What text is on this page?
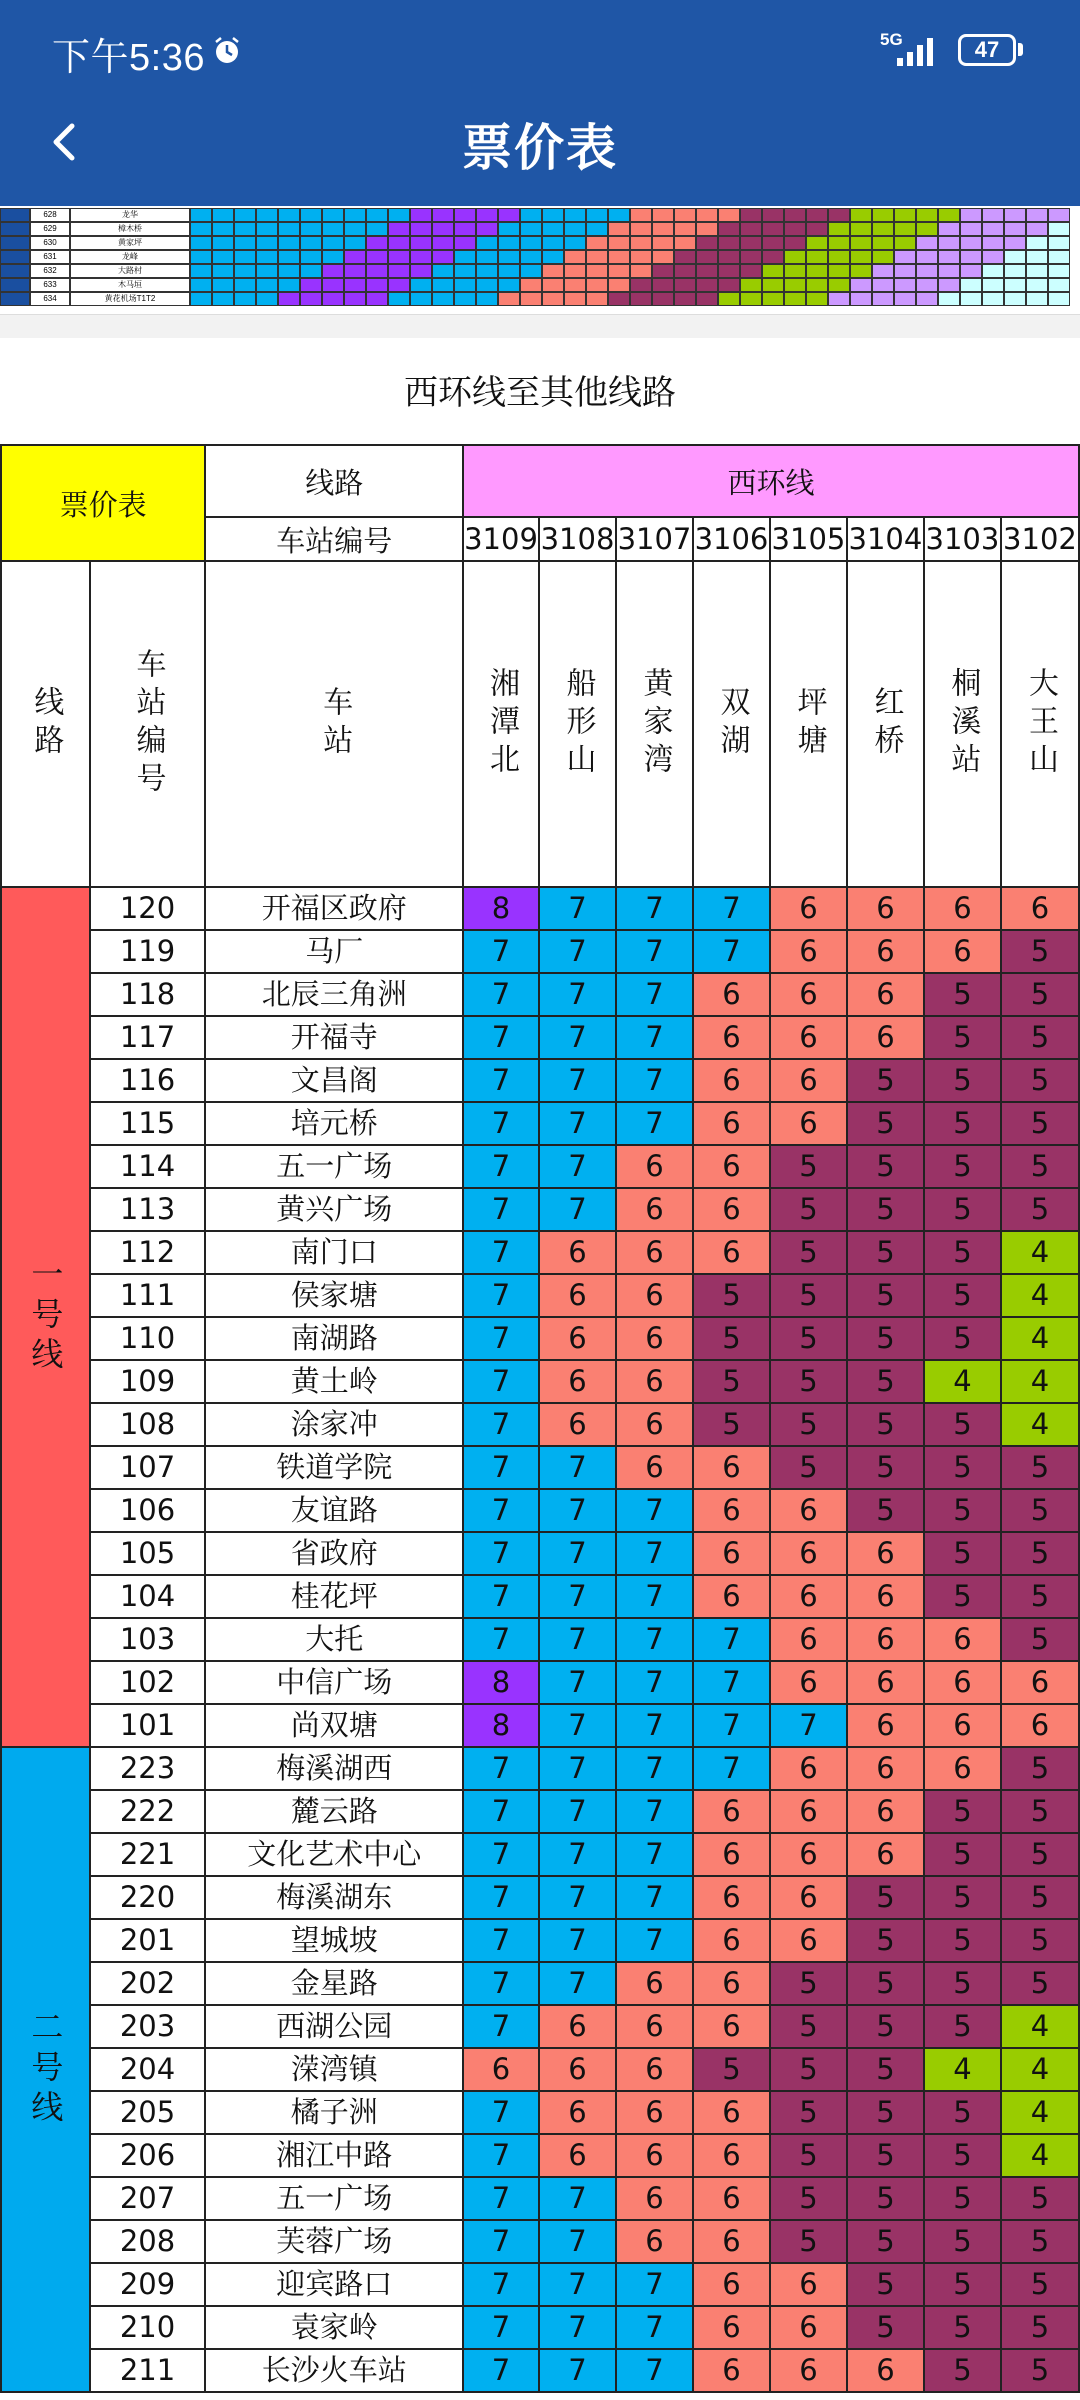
下午5:36	5G	47
票价表
628	龙华
629	樟木桥
630	黄家坪
631	龙峰
632	大路村
633	木马垣
634	黄花机场T1T2
西环线至其他线路
票价表		线路	西环线							
		车站编号	3109	3108	3107	3106	3105	3104	3103	3102

线路	车站编号	车站	湘潭北	船形山	黄家湾	双湖	坪塘	红桥	桐溪站	大王山

一号线	120	开福区政府	8	7	7	7	6	6	6	6
	119	马厂	7	7	7	7	6	6	6	5
	118	北辰三角洲	7	7	7	6	6	6	5	5
	117	开福寺	7	7	7	6	6	6	5	5
	116	文昌阁	7	7	7	6	6	5	5	5
	115	培元桥	7	7	7	6	6	5	5	5
	114	五一广场	7	7	6	6	5	5	5	5
	113	黄兴广场	7	7	6	6	5	5	5	5
	112	南门口	7	6	6	6	5	5	5	4
	111	侯家塘	7	6	6	5	5	5	5	4
	110	南湖路	7	6	6	5	5	5	5	4
	109	黄土岭	7	6	6	5	5	5	4	4
	108	涂家冲	7	6	6	5	5	5	5	4
	107	铁道学院	7	7	6	6	5	5	5	5
	106	友谊路	7	7	7	6	6	5	5	5
	105	省政府	7	7	7	6	6	6	5	5
	104	桂花坪	7	7	7	6	6	6	5	5
	103	大托	7	7	7	7	6	6	6	5
	102	中信广场	8	7	7	7	6	6	6	6
	101	尚双塘	8	7	7	7	7	6	6	6

二号线	223	梅溪湖西	7	7	7	7	6	6	6	5
	222	麓云路	7	7	7	6	6	6	5	5
	221	文化艺术中心	7	7	7	6	6	6	5	5
	220	梅溪湖东	7	7	7	6	6	5	5	5
	201	望城坡	7	7	7	6	6	5	5	5
	202	金星路	7	7	6	6	5	5	5	5
	203	西湖公园	7	6	6	6	5	5	5	4
	204	溁湾镇	6	6	6	5	5	5	4	4
	205	橘子洲	7	6	6	6	5	5	5	4
	206	湘江中路	7	6	6	6	5	5	5	4
	207	五一广场	7	7	6	6	5	5	5	5
	208	芙蓉广场	7	7	6	6	5	5	5	5
	209	迎宾路口	7	7	7	6	6	5	5	5
	210	袁家岭	7	7	7	6	6	5	5	5
	211	长沙火车站	7	7	7	6	6	6	5	5
